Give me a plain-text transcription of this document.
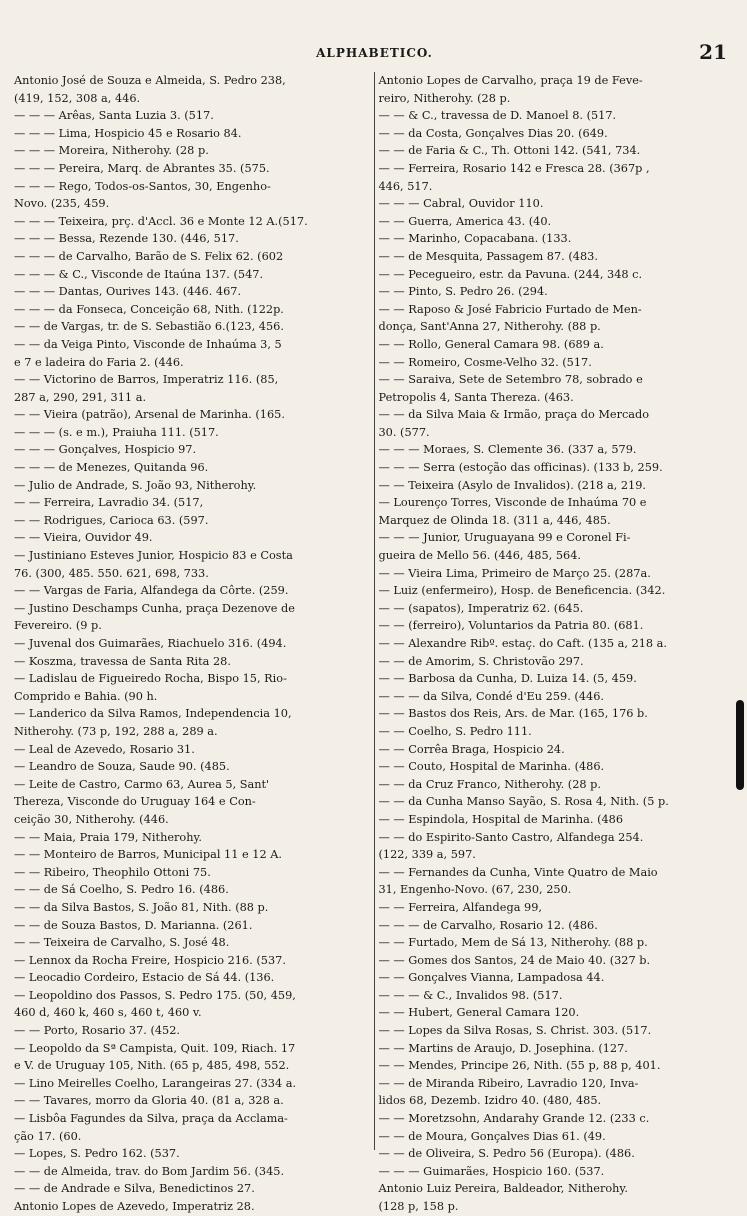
ALPHABETICO.	21
Antonio José de Souza e Almeida, S. Pedro 238,
(419, 152, 308 a, 446.
— — — Arêas, Santa Luzia 3. (517.
— — — Lima, Hospicio 45 e Rosario 84.
— — — Moreira, Nitherohy. (28 p.
— — — Pereira, Marq. de Abrantes 35. (575.
— — — Rego, Todos-os-Santos, 30, Engenho-
Novo. (235, 459.
— — — Teixeira, prç. d'Accl. 36 e Monte 12 A.(517.
— — — Bessa, Rezende 130. (446, 517.
— — — de Carvalho, Barão de S. Felix 62. (602
— — — & C., Visconde de Itaúna 137. (547.
— — — Dantas, Ourives 143. (446. 467.
— — — da Fonseca, Conceição 68, Nith. (122p.
— — de Vargas, tr. de S. Sebastião 6.(123, 456.
— — da Veiga Pinto, Visconde de Inhaúma 3, 5
e 7 e ladeira do Faria 2. (446.
— — Victorino de Barros, Imperatriz 116. (85,
287 a, 290, 291, 311 a.
— — Vieira (patrão), Arsenal de Marinha. (165.
— — — (s. e m.), Praiuha 111. (517.
— — — Gonçalves, Hospicio 97.
— — — de Menezes, Quitanda 96.
— Julio de Andrade, S. João 93, Nitherohy.
— — Ferreira, Lavradio 34. (517,
— — Rodrigues, Carioca 63. (597.
— — Vieira, Ouvidor 49.
— Justiniano Esteves Junior, Hospicio 83 e Costa
76. (300, 485. 550. 621, 698, 733.
— — Vargas de Faria, Alfandega da Côrte. (259.
— Justino Deschamps Cunha, praça Dezenove de
Fevereiro. (9 p.
— Juvenal dos Guimarães, Riachuelo 316. (494.
— Koszma, travessa de Santa Rita 28.
— Ladislau de Figueiredo Rocha, Bispo 15, Rio-
Comprido e Bahia. (90 h.
— Landerico da Silva Ramos, Independencia 10,
Nitherohy. (73 p, 192, 288 a, 289 a.
— Leal de Azevedo, Rosario 31.
— Leandro de Souza, Saude 90. (485.
— Leite de Castro, Carmo 63, Aurea 5, Sant'
Thereza, Visconde do Uruguay 164 e Con-
ceição 30, Nitherohy. (446.
— — Maia, Praia 179, Nitherohy.
— — Monteiro de Barros, Municipal 11 e 12 A.
— — Ribeiro, Theophilo Ottoni 75.
— — de Sá Coelho, S. Pedro 16. (486.
— — da Silva Bastos, S. João 81, Nith. (88 p.
— — de Souza Bastos, D. Marianna. (261.
— — Teixeira de Carvalho, S. José 48.
— Lennox da Rocha Freire, Hospicio 216. (537.
— Leocadio Cordeiro, Estacio de Sá 44. (136.
— Leopoldino dos Passos, S. Pedro 175. (50, 459,
460 d, 460 k, 460 s, 460 t, 460 v.
— — Porto, Rosario 37. (452.
— Leopoldo da Sª Campista, Quit. 109, Riach. 17
e V. de Uruguay 105, Nith. (65 p, 485, 498, 552.
— Lino Meirelles Coelho, Larangeiras 27. (334 a.
— — Tavares, morro da Gloria 40. (81 a, 328 a.
— Lisbôa Fagundes da Silva, praça da Acclama-
ção 17. (60.
— Lopes, S. Pedro 162. (537.
— — de Almeida, trav. do Bom Jardim 56. (345.
— — de Andrade e Silva, Benedictinos 27.
Antonio Lopes de Azevedo, Imperatriz 28.
Antonio Lopes de Carvalho, praça 19 de Feve-
reiro, Nitherohy. (28 p.
— — & C., travessa de D. Manoel 8. (517.
— — da Costa, Gonçalves Dias 20. (649.
— — de Faria & C., Th. Ottoni 142. (541, 734.
— — Ferreira, Rosario 142 e Fresca 28. (367p ,
446, 517.
— — — Cabral, Ouvidor 110.
— — Guerra, America 43. (40.
— — Marinho, Copacabana. (133.
— — de Mesquita, Passagem 87. (483.
— — Pecegueiro, estr. da Pavuna. (244, 348 c.
— — Pinto, S. Pedro 26. (294.
— — Raposo & José Fabricio Furtado de Men-
donça, Sant'Anna 27, Nitherohy. (88 p.
— — Rollo, General Camara 98. (689 a.
— — Romeiro, Cosme-Velho 32. (517.
— — Saraiva, Sete de Setembro 78, sobrado e
Petropolis 4, Santa Thereza. (463.
— — da Silva Maia & Irmão, praça do Mercado
30. (577.
— — — Moraes, S. Clemente 36. (337 a, 579.
— — — Serra (estoção das officinas). (133 b, 259.
— — Teixeira (Asylo de Invalidos). (218 a, 219.
— Lourenço Torres, Visconde de Inhaúma 70 e
Marquez de Olinda 18. (311 a, 446, 485.
— — — Junior, Uruguayana 99 e Coronel Fi-
gueira de Mello 56. (446, 485, 564.
— — Vieira Lima, Primeiro de Março 25. (287a.
— Luiz (enfermeiro), Hosp. de Beneficencia. (342.
— — (sapatos), Imperatriz 62. (645.
— — (ferreiro), Voluntarios da Patria 80. (681.
— — Alexandre Ribº. estaç. do Caft. (135 a, 218 a.
— — de Amorim, S. Christovão 297.
— — Barbosa da Cunha, D. Luiza 14. (5, 459.
— — — da Silva, Condé d'Eu 259. (446.
— — Bastos dos Reis, Ars. de Mar. (165, 176 b.
— — Coelho, S. Pedro 111.
— — Corrêa Braga, Hospicio 24.
— — Couto, Hospital de Marinha. (486.
— — da Cruz Franco, Nitherohy. (28 p.
— — da Cunha Manso Sayão, S. Rosa 4, Nith. (5 p.
— — Espindola, Hospital de Marinha. (486
— — do Espirito-Santo Castro, Alfandega 254.
(122, 339 a, 597.
— — Fernandes da Cunha, Vinte Quatro de Maio
31, Engenho-Novo. (67, 230, 250.
— — Ferreira, Alfandega 99,
— — — de Carvalho, Rosario 12. (486.
— — Furtado, Mem de Sá 13, Nitherohy. (88 p.
— — Gomes dos Santos, 24 de Maio 40. (327 b.
— — Gonçalves Vianna, Lampadosa 44.
— — — & C., Invalidos 98. (517.
— — Hubert, General Camara 120.
— — Lopes da Silva Rosas, S. Christ. 303. (517.
— — Martins de Araujo, D. Josephina. (127.
— — Mendes, Principe 26, Nith. (55 p, 88 p, 401.
— — de Miranda Ribeiro, Lavradio 120, Inva-
lidos 68, Dezemb. Izidro 40. (480, 485.
— — Moretzsohn, Andarahy Grande 12. (233 c.
— — de Moura, Gonçalves Dias 61. (49.
— — de Oliveira, S. Pedro 56 (Europa). (486.
— — — Guimarães, Hospicio 160. (537.
Antonio Luiz Pereira, Baldeador, Nitherohy.
(128 p, 158 p.
